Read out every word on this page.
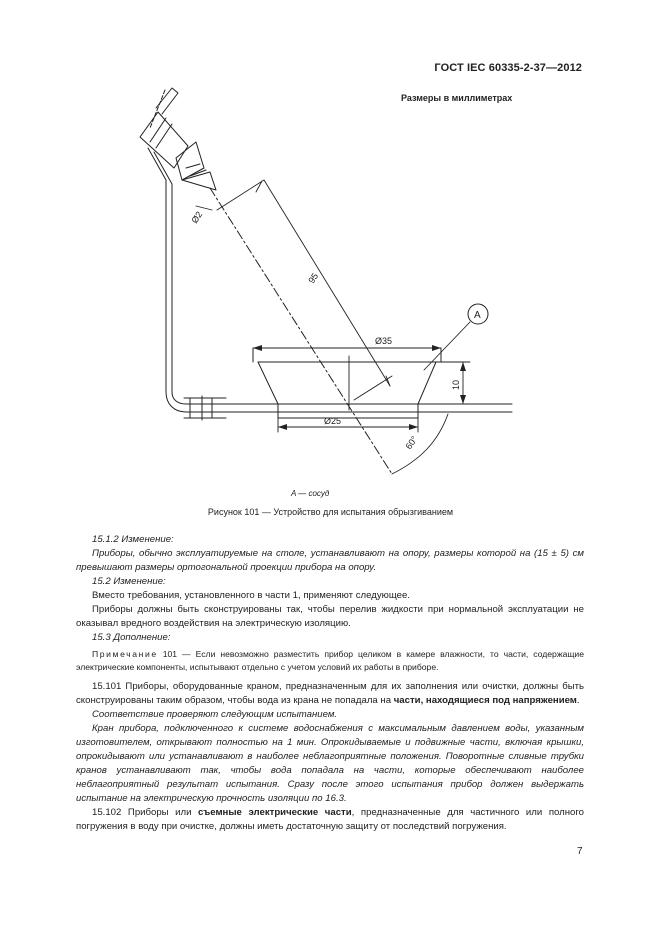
ГОСТ IEC 60335-2-37—2012
Размеры в миллиметрах
Ø2
95
Ø35
Ø25
10
60°
A
A — сосуд
Рисунок 101 — Устройство для испытания обрызгиванием

15.1.2 Изменение:

Приборы, обычно эксплуатируемые на столе, устанавливают на опору, размеры которой на (15 ± 5) см превышают размеры ортогональной проекции прибора на опору.

15.2 Изменение:

Вместо требования, установленного в части 1, применяют следующее.

Приборы должны быть сконструированы так, чтобы перелив жидкости при нормальной эксплуатации не оказывал вредного воздействия на электрическую изоляцию.

15.3 Дополнение:

Примечание 101 — Если невозможно разместить прибор целиком в камере влажности, то части, содержащие электрические компоненты, испытывают отдельно с учетом условий их работы в приборе.

15.101 Приборы, оборудованные краном, предназначенным для их заполнения или очистки, должны быть сконструированы таким образом, чтобы вода из крана не попадала на части, находящиеся под напряжением.

Соответствие проверяют следующим испытанием.

Кран прибора, подключенного к системе водоснабжения с максимальным давлением воды, указанным изготовителем, открывают полностью на 1 мин. Опрокидываемые и подвижные части, включая крышки, опрокидывают или устанавливают в наиболее неблагоприятные положения. Поворотные сливные трубки кранов устанавливают так, чтобы вода попадала на части, которые обеспечивают наиболее неблагоприятный результат испытания. Сразу после этого испытания прибор должен выдержать испытание на электрическую прочность изоляции по 16.3.

15.102 Приборы или съемные электрические части, предназначенные для частичного или полного погружения в воду при очистке, должны иметь достаточную защиту от последствий погружения.

7
